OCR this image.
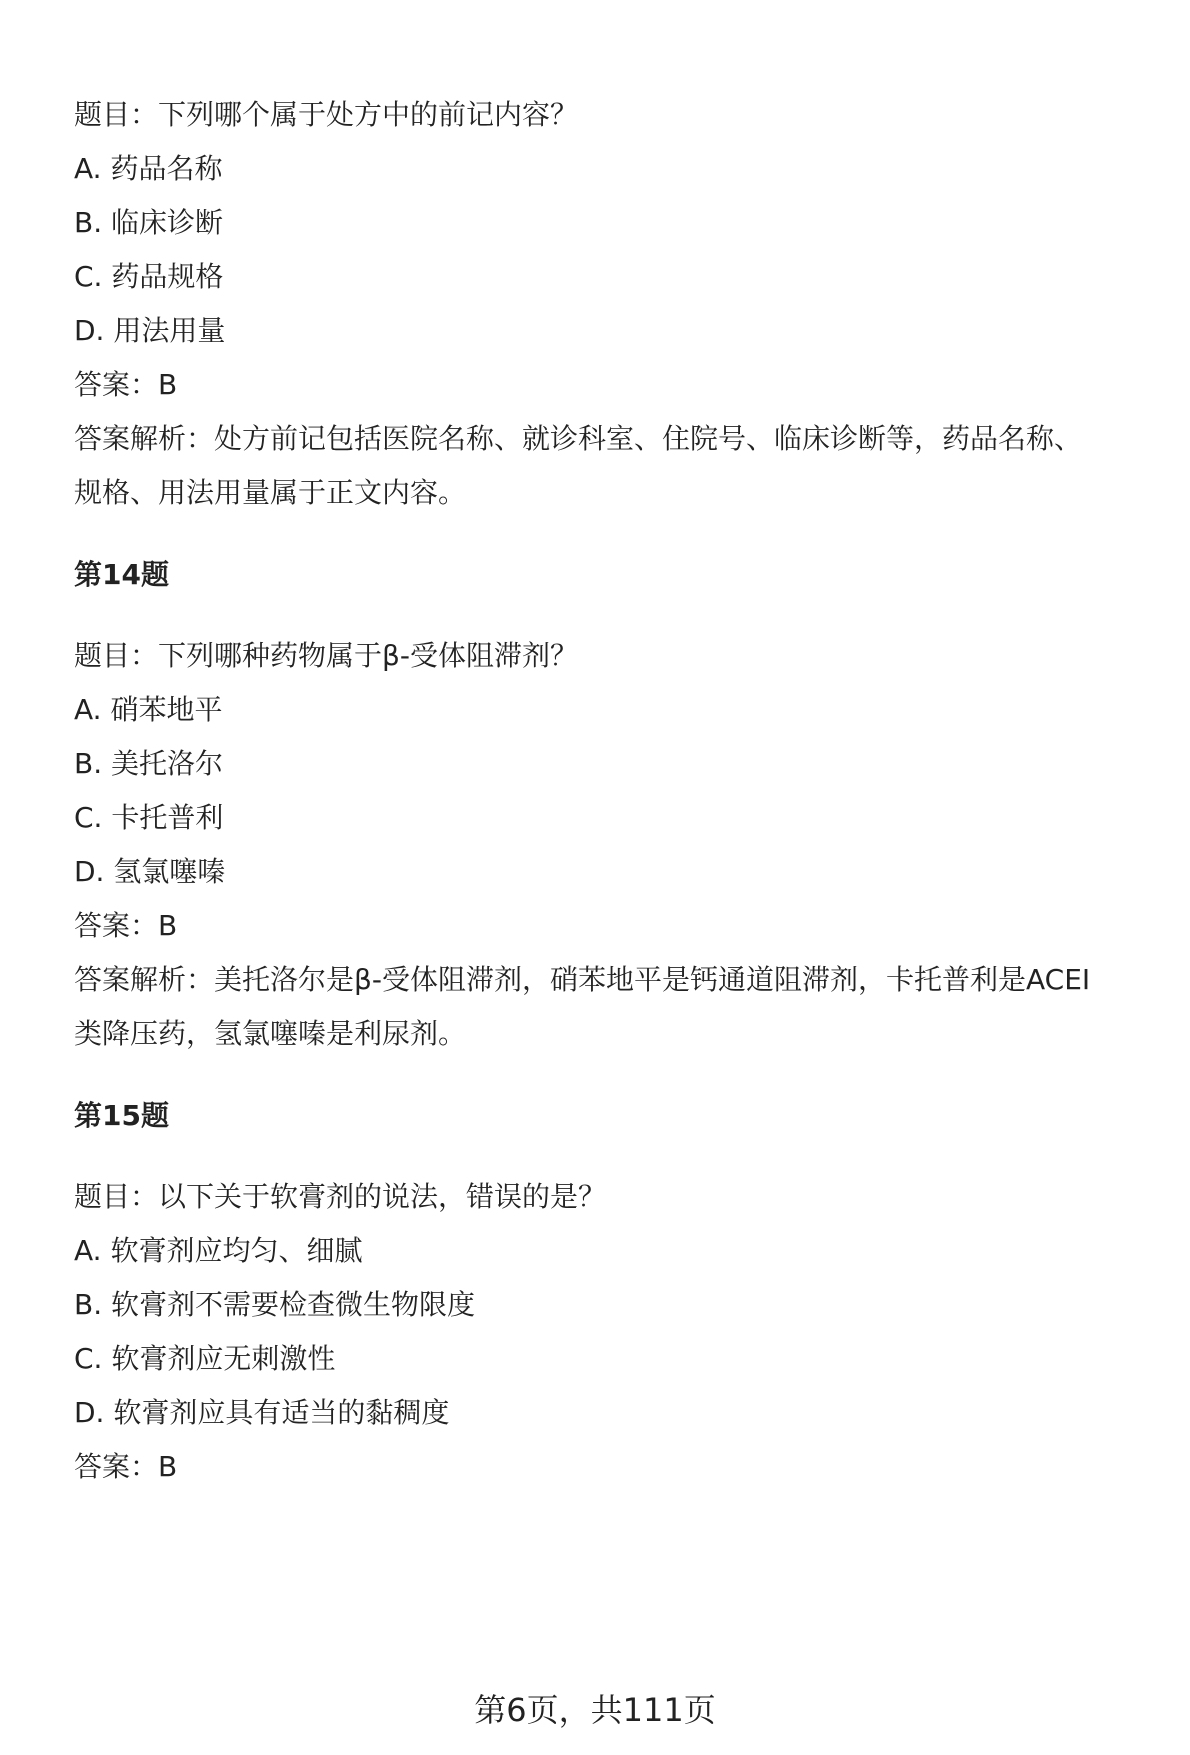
题目：下列哪个属于处方中的前记内容？
A. 药品名称
B. 临床诊断
C. 药品规格
D. 用法用量
答案：B
答案解析：处方前记包括医院名称、就诊科室、住院号、临床诊断等，药品名称、
规格、用法用量属于正文内容。
第14题
题目：下列哪种药物属于β-受体阻滞剂？
A. 硝苯地平
B. 美托洛尔
C. 卡托普利
D. 氢氯噻嗪
答案：B
答案解析：美托洛尔是β-受体阻滞剂，硝苯地平是钙通道阻滞剂，卡托普利是ACEI
类降压药，氢氯噻嗪是利尿剂。
第15题
题目：以下关于软膏剂的说法，错误的是？
A. 软膏剂应均匀、细腻
B. 软膏剂不需要检查微生物限度
C. 软膏剂应无刺激性
D. 软膏剂应具有适当的黏稠度
答案：B
第6页，共111页
